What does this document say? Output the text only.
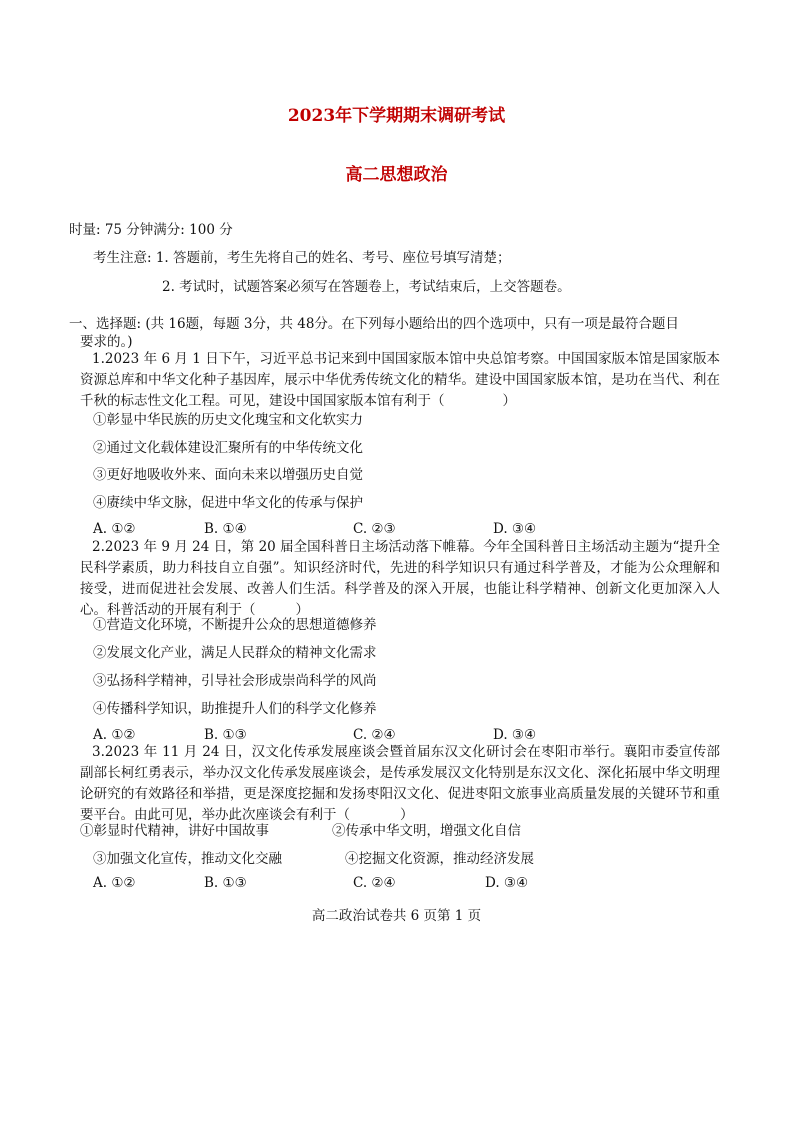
2023年下学期期末调研考试
高二思想政治
时量: 75 分钟满分: 100 分
考生注意: 1. 答题前，考生先将自己的姓名、考号、座位号填写清楚；
2. 考试时，试题答案必须写在答题卷上，考试结束后，上交答题卷。
一、选择题: (共 16题，每题 3分，共 48分。在下列每小题给出的四个选项中，只有一项是最符合题目
要求的。)
1.2023 年 6 月 1 日下午，习近平总书记来到中国国家版本馆中央总馆考察。中国国家版本馆是国家版本资源总库和中华文化种子基因库，展示中华优秀传统文化的精华。建设中国国家版本馆，是功在当代、利在千秋的标志性文化工程。可见，建设中国国家版本馆有利于（	）
①彰显中华民族的历史文化瑰宝和文化软实力
②通过文化载体建设汇聚所有的中华传统文化
③更好地吸收外来、面向未来以增强历史自觉
④赓续中华文脉，促进中华文化的传承与保护
A. ①②	B. ①④	C. ②③	D. ③④
2.2023 年 9 月 24 日，第 20 届全国科普日主场活动落下帷幕。今年全国科普日主场活动主题为“提升全民科学素质，助力科技自立自强”。知识经济时代，先进的科学知识只有通过科学普及，才能为公众理解和接受，进而促进社会发展、改善人们生活。科学普及的深入开展，也能让科学精神、创新文化更加深入人心。科普活动的开展有利于（	）
①营造文化环境，不断提升公众的思想道德修养
②发展文化产业，满足人民群众的精神文化需求
③弘扬科学精神，引导社会形成崇尚科学的风尚
④传播科学知识，助推提升人们的科学文化修养
A. ①②	B. ①③	C. ②④	D. ③④
3.2023 年 11 月 24 日，汉文化传承发展座谈会暨首届东汉文化研讨会在枣阳市举行。襄阳市委宣传部副部长柯红勇表示，举办汉文化传承发展座谈会，是传承发展汉文化特别是东汉文化、深化拓展中华文明理论研究的有效路径和举措，更是深度挖掘和发扬枣阳汉文化、促进枣阳文旅事业高质量发展的关键环节和重要平台。由此可见，举办此次座谈会有利于（	）
①彰显时代精神，讲好中国故事	②传承中华文明，增强文化自信
③加强文化宣传，推动文化交融	④挖掘文化资源，推动经济发展
A. ①②	B. ①③	C. ②④	D. ③④
高二政治试卷共 6 页第 1 页
